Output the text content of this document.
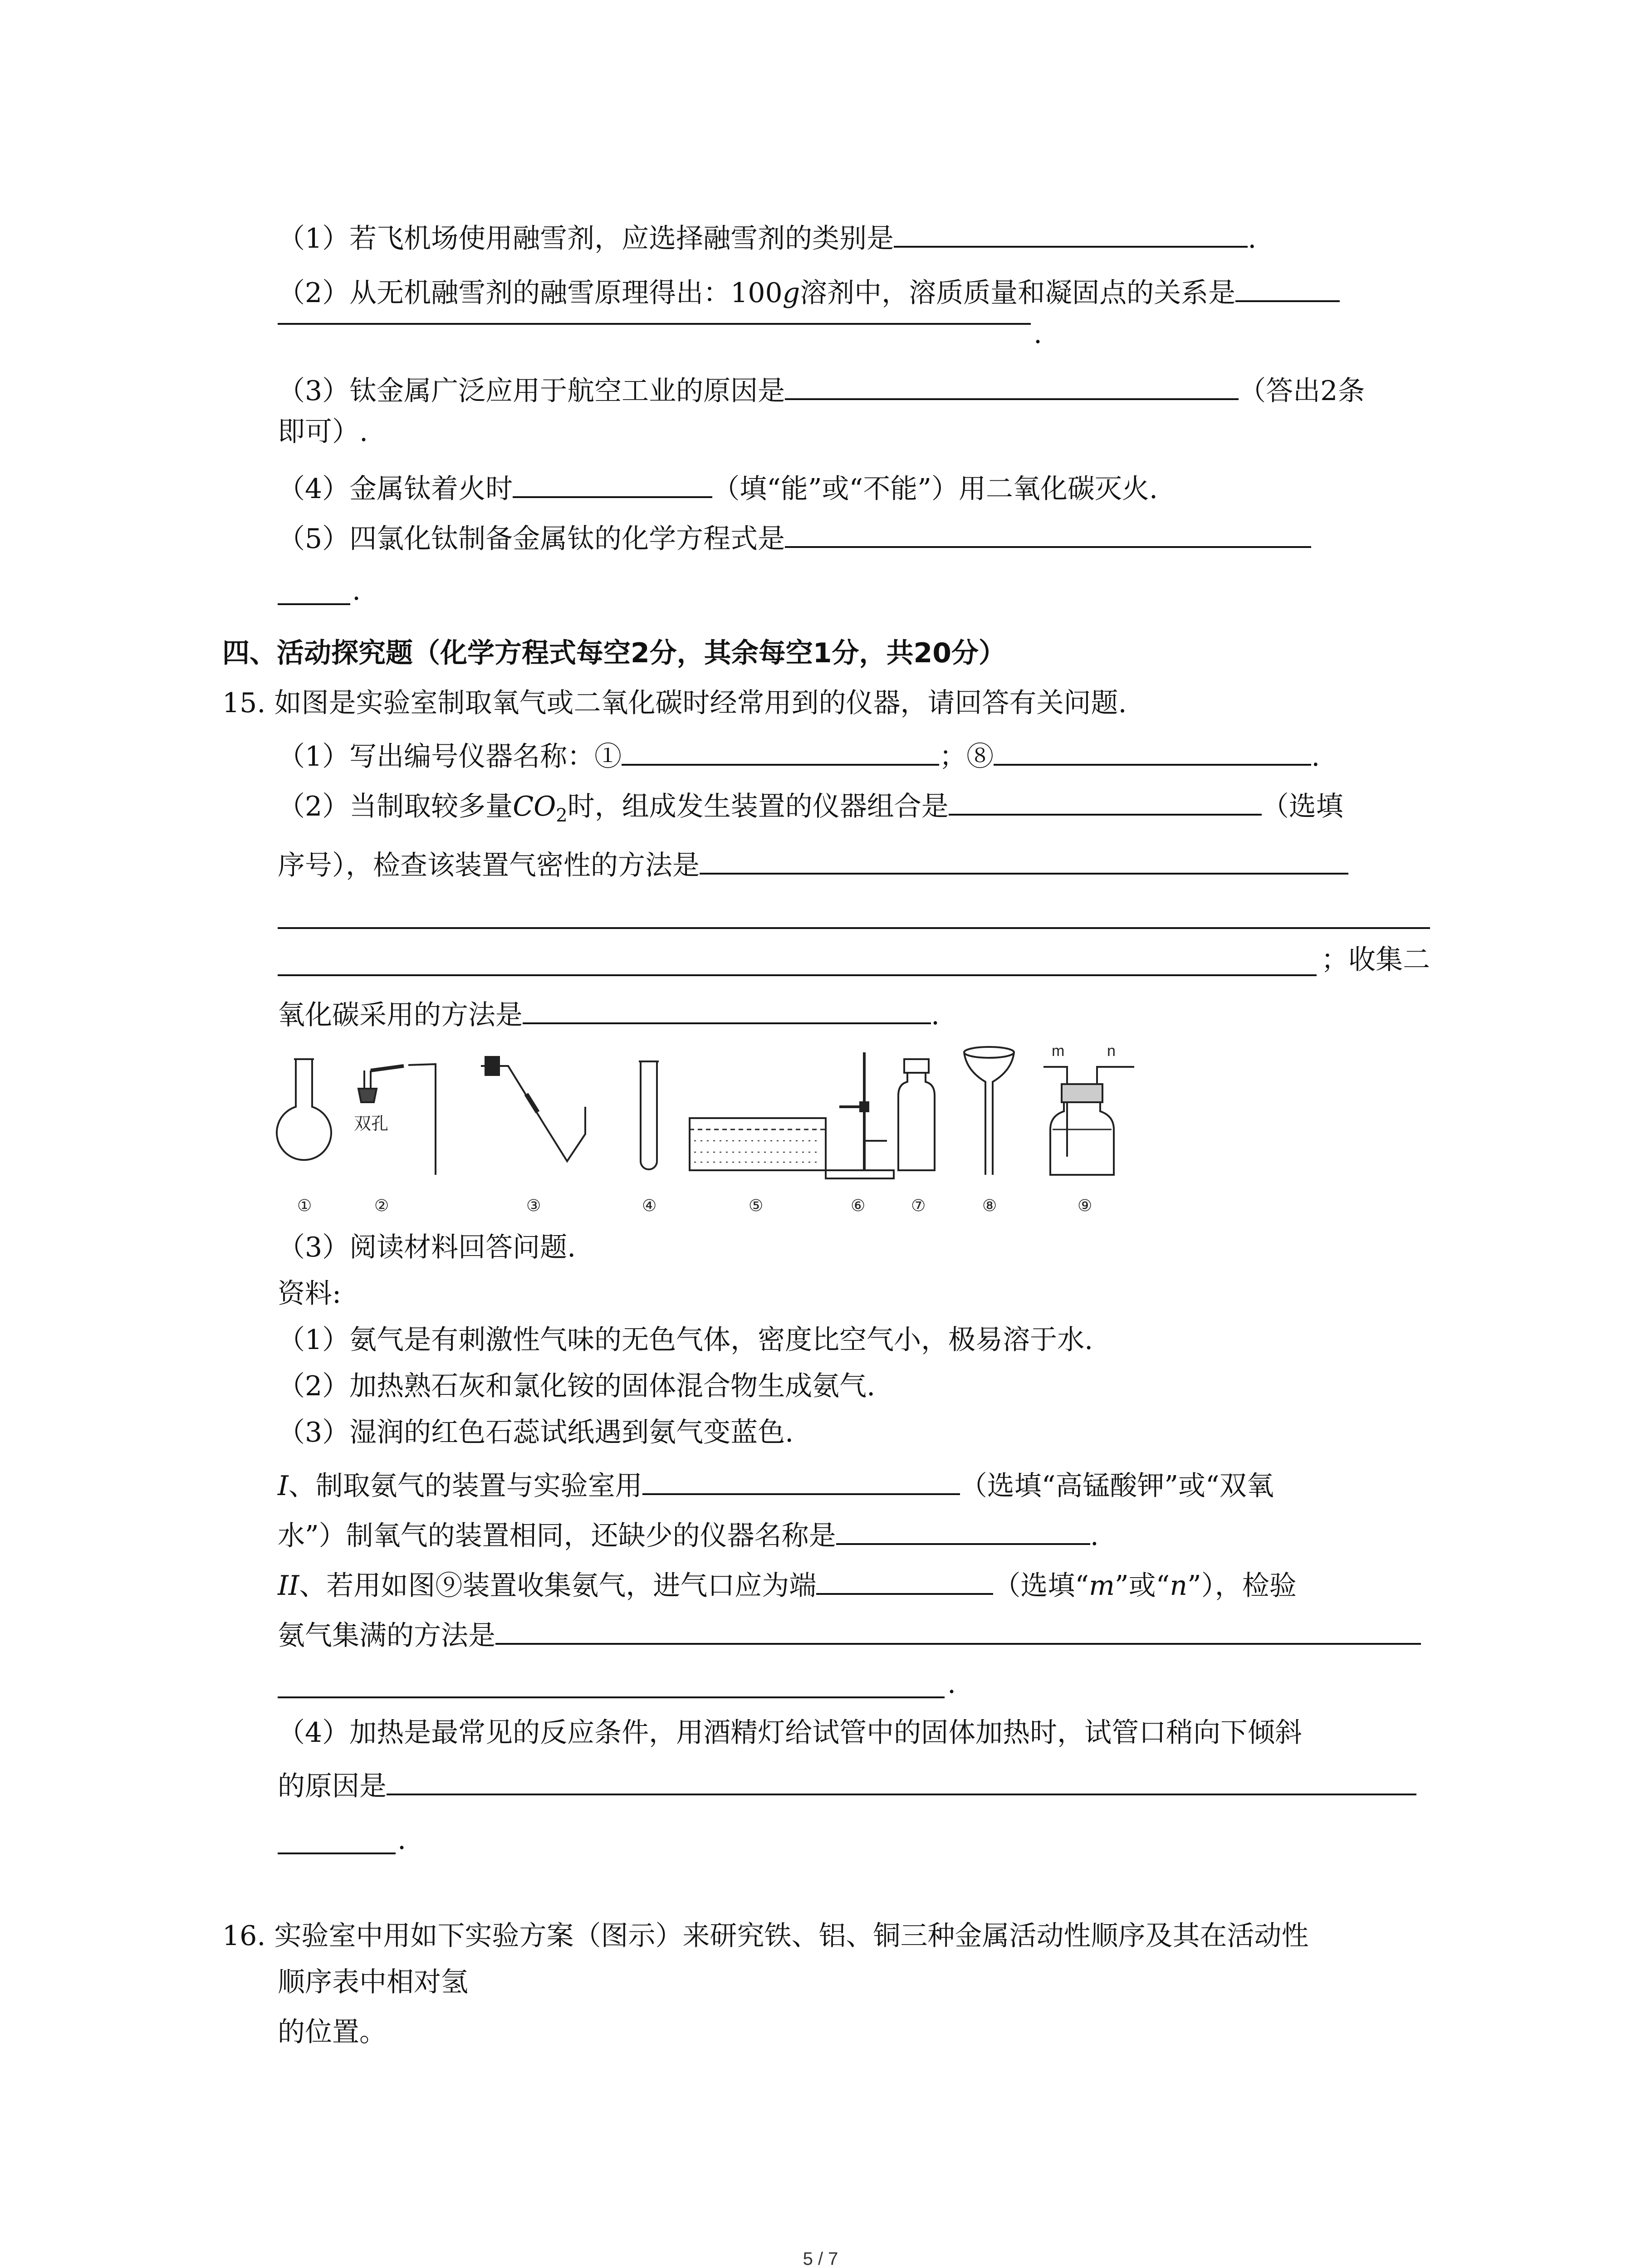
（1）若飞机场使用融雪剂，应选择融雪剂的类别是	.
（2）从无机融雪剂的融雪原理得出：100g溶剂中，溶质质量和凝固点的关系是
.
（3）钛金属广泛应用于航空工业的原因是	（答出2条
即可）.
（4）金属钛着火时	（填“能”或“不能”）用二氧化碳灭火.
（5）四氯化钛制备金属钛的化学方程式是
.
四、活动探究题（化学方程式每空2分，其余每空1分，共20分）
15. 如图是实验室制取氧气或二氧化碳时经常用到的仪器，请回答有关问题.
（1）写出编号仪器名称：①	；⑧	.
（2）当制取较多量$CO_2$时，组成发生装置的仪器组合是	（选填
序号），检查该装置气密性的方法是
；收集二
氧化碳采用的方法是	.
双孔
m	n
①	②	③	④	⑤	⑥	⑦	⑧	⑨
（3）阅读材料回答问题.
资料:
（1）氨气是有刺激性气味的无色气体，密度比空气小，极易溶于水.
（2）加热熟石灰和氯化铵的固体混合物生成氨气.
（3）湿润的红色石蕊试纸遇到氨气变蓝色.
I、制取氨气的装置与实验室用	（选填“高锰酸钾”或“双氧
水”）制氧气的装置相同，还缺少的仪器名称是	.
II、若用如图⑨装置收集氨气，进气口应为端	（选填“m”或“n”），检验
氨气集满的方法是
.
（4）加热是最常见的反应条件，用酒精灯给试管中的固体加热时，试管口稍向下倾斜
的原因是
.
16. 实验室中用如下实验方案（图示）来研究铁、铝、铜三种金属活动性顺序及其在活动性
顺序表中相对氢
的位置。
5 / 7
